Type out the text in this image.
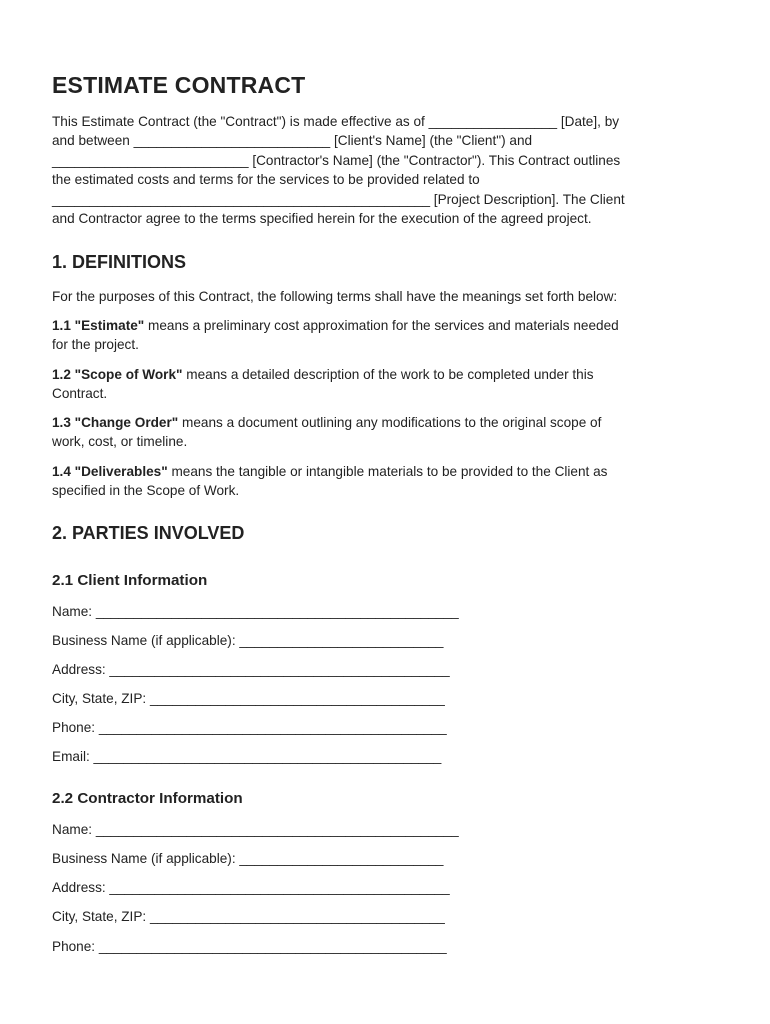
ESTIMATE CONTRACT

This Estimate Contract (the "Contract") is made effective as of _________________ [Date], by
and between __________________________ [Client's Name] (the "Client") and
__________________________ [Contractor's Name] (the "Contractor"). This Contract outlines
the estimated costs and terms for the services to be provided related to
__________________________________________________ [Project Description]. The Client
and Contractor agree to the terms specified herein for the execution of the agreed project.

1. DEFINITIONS

For the purposes of this Contract, the following terms shall have the meanings set forth below:

1.1 "Estimate" means a preliminary cost approximation for the services and materials needed
for the project.

1.2 "Scope of Work" means a detailed description of the work to be completed under this
Contract.

1.3 "Change Order" means a document outlining any modifications to the original scope of
work, cost, or timeline.

1.4 "Deliverables" means the tangible or intangible materials to be provided to the Client as
specified in the Scope of Work.

2. PARTIES INVOLVED
2.1 Client Information

Name: ________________________________________________

Business Name (if applicable): ___________________________

Address: _____________________________________________

City, State, ZIP: _______________________________________

Phone: ______________________________________________

Email: ______________________________________________

2.2 Contractor Information

Name: ________________________________________________

Business Name (if applicable): ___________________________

Address: _____________________________________________

City, State, ZIP: _______________________________________

Phone: ______________________________________________
